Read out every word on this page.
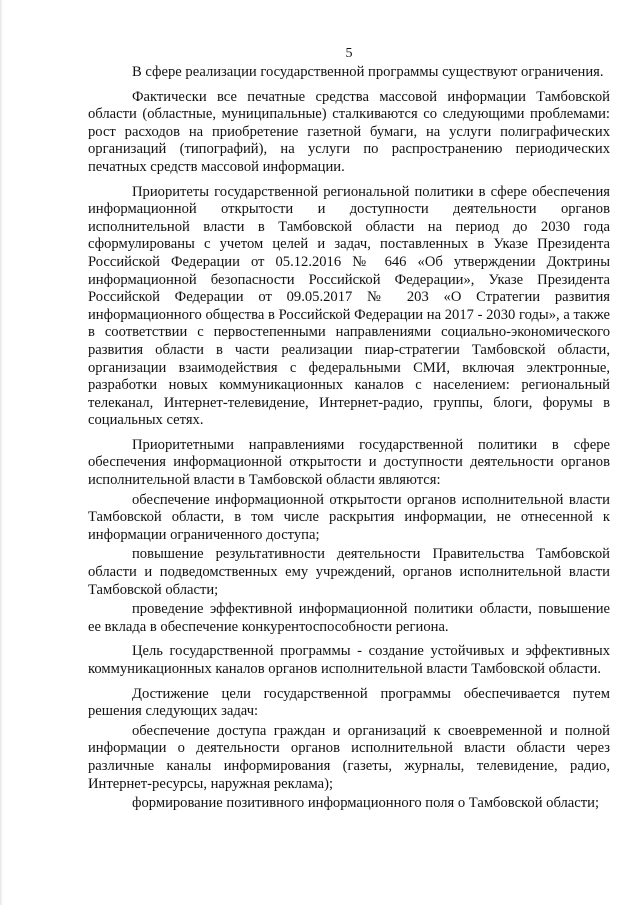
5

В сфере реализации государственной программы существуют ограничения.

Фактически все печатные средства массовой информации Тамбовской области (областные, муниципальные) сталкиваются со следующими проблемами: рост расходов на приобретение газетной бумаги, на услуги полиграфических организаций (типографий), на услуги по распространению периодических печатных средств массовой информации.

Приоритеты государственной региональной политики в сфере обеспечения информационной открытости и доступности деятельности органов исполнительной власти в Тамбовской области на период до 2030 года сформулированы с учетом целей и задач, поставленных в Указе Президента Российской Федерации от 05.12.2016 № 646 «Об утверждении Доктрины информационной безопасности Российской Федерации», Указе Президента Российской Федерации от 09.05.2017 № 203 «О Стратегии развития информационного общества в Российской Федерации на 2017 - 2030 годы», а также в соответствии с первостепенными направлениями социально-экономического развития области в части реализации пиар-стратегии Тамбовской области, организации взаимодействия с федеральными СМИ, включая электронные, разработки новых коммуникационных каналов с населением: региональный телеканал, Интернет-телевидение, Интернет-радио, группы, блоги, форумы в социальных сетях.

Приоритетными направлениями государственной политики в сфере обеспечения информационной открытости и доступности деятельности органов исполнительной власти в Тамбовской области являются:

обеспечение информационной открытости органов исполнительной власти Тамбовской области, в том числе раскрытия информации, не отнесенной к информации ограниченного доступа;

повышение результативности деятельности Правительства Тамбовской области и подведомственных ему учреждений, органов исполнительной власти Тамбовской области;

проведение эффективной информационной политики области, повышение ее вклада в обеспечение конкурентоспособности региона.

Цель государственной программы - создание устойчивых и эффективных коммуникационных каналов органов исполнительной власти Тамбовской области.

Достижение цели государственной программы обеспечивается путем решения следующих задач:

обеспечение доступа граждан и организаций к своевременной и полной информации о деятельности органов исполнительной власти области через различные каналы информирования (газеты, журналы, телевидение, радио, Интернет-ресурсы, наружная реклама);

формирование позитивного информационного поля о Тамбовской области;
